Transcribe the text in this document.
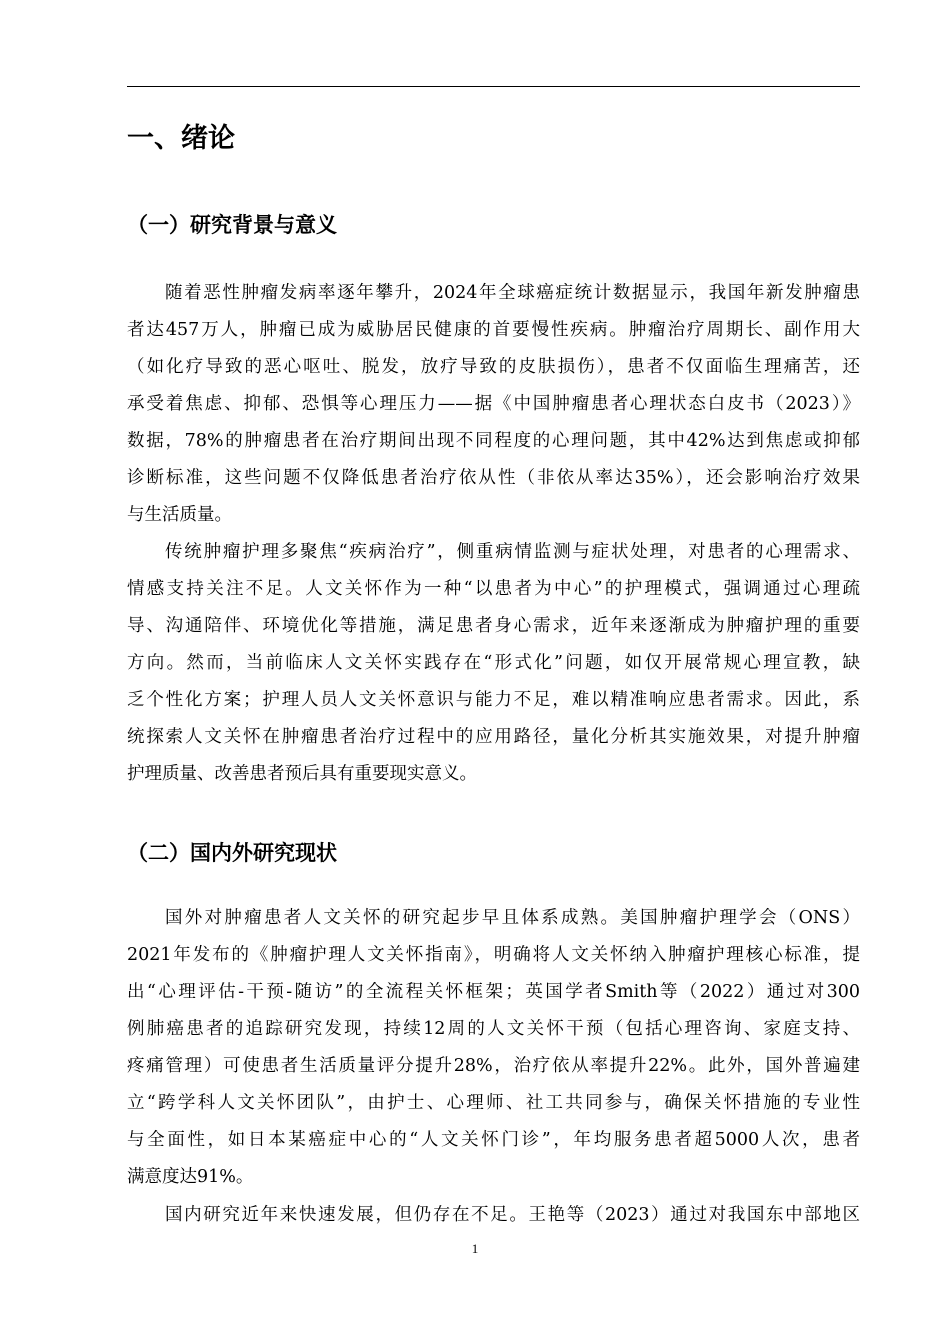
一、绪论
（一）研究背景与意义
随着恶性肿瘤发病率逐年攀升，2024年全球癌症统计数据显示，我国年新发肿瘤患
者达457万人，肿瘤已成为威胁居民健康的首要慢性疾病。肿瘤治疗周期长、副作用大
（如化疗导致的恶心呕吐、脱发，放疗导致的皮肤损伤），患者不仅面临生理痛苦，还
承受着焦虑、抑郁、恐惧等心理压力——据《中国肿瘤患者心理状态白皮书（2023）》
数据，78%的肿瘤患者在治疗期间出现不同程度的心理问题，其中42%达到焦虑或抑郁
诊断标准，这些问题不仅降低患者治疗依从性（非依从率达35%），还会影响治疗效果
与生活质量。
传统肿瘤护理多聚焦“疾病治疗”，侧重病情监测与症状处理，对患者的心理需求、
情感支持关注不足。人文关怀作为一种“以患者为中心”的护理模式，强调通过心理疏
导、沟通陪伴、环境优化等措施，满足患者身心需求，近年来逐渐成为肿瘤护理的重要
方向。然而，当前临床人文关怀实践存在“形式化”问题，如仅开展常规心理宣教，缺
乏个性化方案；护理人员人文关怀意识与能力不足，难以精准响应患者需求。因此，系
统探索人文关怀在肿瘤患者治疗过程中的应用路径，量化分析其实施效果，对提升肿瘤
护理质量、改善患者预后具有重要现实意义。
（二）国内外研究现状
国外对肿瘤患者人文关怀的研究起步早且体系成熟。美国肿瘤护理学会（ONS）
2021年发布的《肿瘤护理人文关怀指南》，明确将人文关怀纳入肿瘤护理核心标准，提
出“心理评估-干预-随访”的全流程关怀框架；英国学者Smith等（2022）通过对300
例肺癌患者的追踪研究发现，持续12周的人文关怀干预（包括心理咨询、家庭支持、
疼痛管理）可使患者生活质量评分提升28%，治疗依从率提升22%。此外，国外普遍建
立“跨学科人文关怀团队”，由护士、心理师、社工共同参与，确保关怀措施的专业性
与全面性，如日本某癌症中心的“人文关怀门诊”，年均服务患者超5000人次，患者
满意度达91%。
国内研究近年来快速发展，但仍存在不足。王艳等（2023）通过对我国东中部地区
1
